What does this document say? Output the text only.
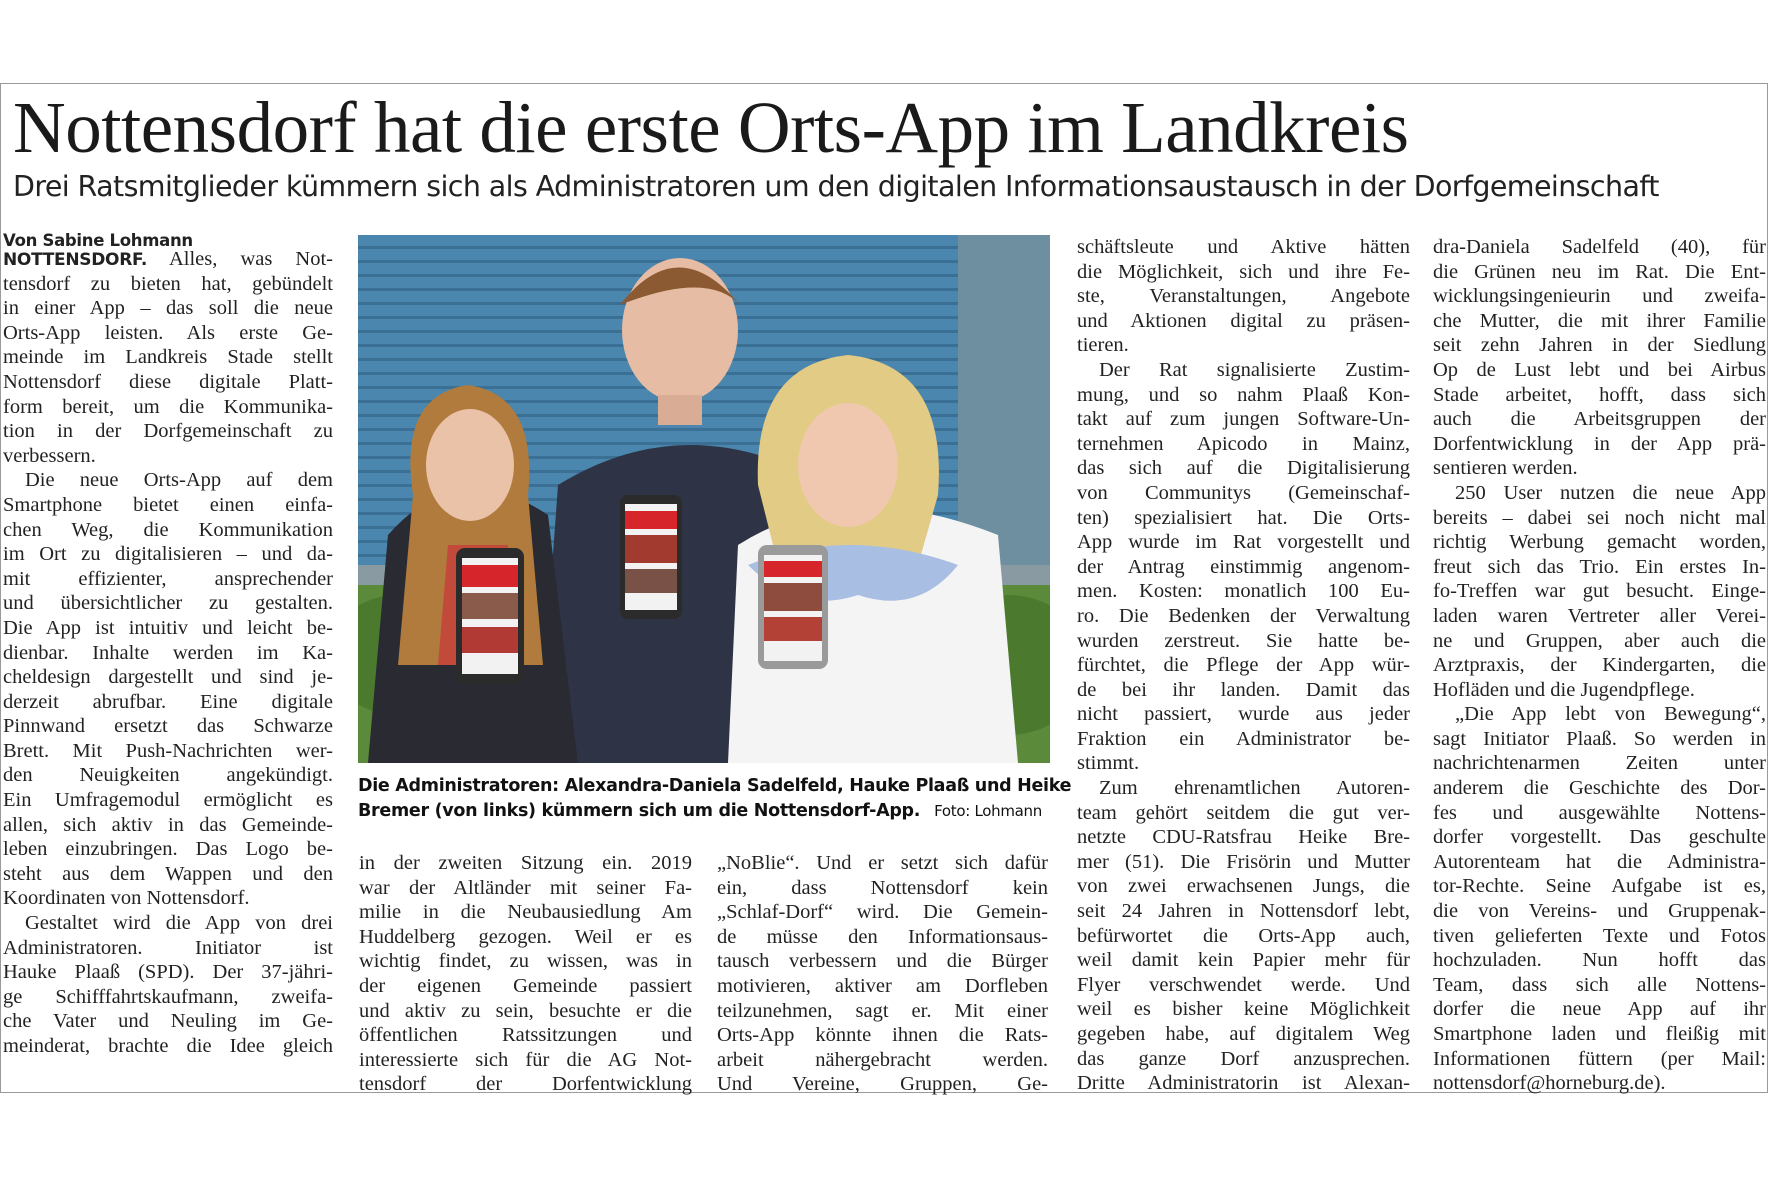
Nottensdorf hat die erste Orts-App im Landkreis
Drei Ratsmitglieder kümmern sich als Administratoren um den digitalen Informationsaustausch in der Dorfgemeinschaft
Von Sabine Lohmann
NOTTENSDORF. Alles, was Not-
tensdorf zu bieten hat, gebündelt
in einer App – das soll die neue
Orts-App leisten. Als erste Ge-
meinde im Landkreis Stade stellt
Nottensdorf diese digitale Platt-
form bereit, um die Kommunika-
tion in der Dorfgemeinschaft zu
verbessern.
Die neue Orts-App auf dem
Smartphone bietet einen einfa-
chen Weg, die Kommunikation
im Ort zu digitalisieren – und da-
mit effizienter, ansprechender
und übersichtlicher zu gestalten.
Die App ist intuitiv und leicht be-
dienbar. Inhalte werden im Ka-
cheldesign dargestellt und sind je-
derzeit abrufbar. Eine digitale
Pinnwand ersetzt das Schwarze
Brett. Mit Push-Nachrichten wer-
den Neuigkeiten angekündigt.
Ein Umfragemodul ermöglicht es
allen, sich aktiv in das Gemeinde-
leben einzubringen. Das Logo be-
steht aus dem Wappen und den
Koordinaten von Nottensdorf.
Gestaltet wird die App von drei
Administratoren. Initiator ist
Hauke Plaaß (SPD). Der 37-jähri-
ge Schifffahrtskaufmann, zweifa-
che Vater und Neuling im Ge-
meinderat, brachte die Idee gleich
Die Administratoren: Alexandra-Daniela Sadelfeld, Hauke Plaaß und Heike
Bremer (von links) kümmern sich um die Nottensdorf-App. Foto: Lohmann
in der zweiten Sitzung ein. 2019
war der Altländer mit seiner Fa-
milie in die Neubausiedlung Am
Huddelberg gezogen. Weil er es
wichtig findet, zu wissen, was in
der eigenen Gemeinde passiert
und aktiv zu sein, besuchte er die
öffentlichen Ratssitzungen und
interessierte sich für die AG Not-
tensdorf der Dorfentwicklung
„NoBlie“. Und er setzt sich dafür
ein, dass Nottensdorf kein
„Schlaf-Dorf“ wird. Die Gemein-
de müsse den Informationsaus-
tausch verbessern und die Bürger
motivieren, aktiver am Dorfleben
teilzunehmen, sagt er. Mit einer
Orts-App könnte ihnen die Rats-
arbeit nähergebracht werden.
Und Vereine, Gruppen, Ge-
schäftsleute und Aktive hätten
die Möglichkeit, sich und ihre Fe-
ste, Veranstaltungen, Angebote
und Aktionen digital zu präsen-
tieren.
Der Rat signalisierte Zustim-
mung, und so nahm Plaaß Kon-
takt auf zum jungen Software-Un-
ternehmen Apicodo in Mainz,
das sich auf die Digitalisierung
von Communitys (Gemeinschaf-
ten) spezialisiert hat. Die Orts-
App wurde im Rat vorgestellt und
der Antrag einstimmig angenom-
men. Kosten: monatlich 100 Eu-
ro. Die Bedenken der Verwaltung
wurden zerstreut. Sie hatte be-
fürchtet, die Pflege der App wür-
de bei ihr landen. Damit das
nicht passiert, wurde aus jeder
Fraktion ein Administrator be-
stimmt.
Zum ehrenamtlichen Autoren-
team gehört seitdem die gut ver-
netzte CDU-Ratsfrau Heike Bre-
mer (51). Die Frisörin und Mutter
von zwei erwachsenen Jungs, die
seit 24 Jahren in Nottensdorf lebt,
befürwortet die Orts-App auch,
weil damit kein Papier mehr für
Flyer verschwendet werde. Und
weil es bisher keine Möglichkeit
gegeben habe, auf digitalem Weg
das ganze Dorf anzusprechen.
Dritte Administratorin ist Alexan-
dra-Daniela Sadelfeld (40), für
die Grünen neu im Rat. Die Ent-
wicklungsingenieurin und zweifa-
che Mutter, die mit ihrer Familie
seit zehn Jahren in der Siedlung
Op de Lust lebt und bei Airbus
Stade arbeitet, hofft, dass sich
auch die Arbeitsgruppen der
Dorfentwicklung in der App prä-
sentieren werden.
250 User nutzen die neue App
bereits – dabei sei noch nicht mal
richtig Werbung gemacht worden,
freut sich das Trio. Ein erstes In-
fo-Treffen war gut besucht. Einge-
laden waren Vertreter aller Verei-
ne und Gruppen, aber auch die
Arztpraxis, der Kindergarten, die
Hofläden und die Jugendpflege.
„Die App lebt von Bewegung“,
sagt Initiator Plaaß. So werden in
nachrichtenarmen Zeiten unter
anderem die Geschichte des Dor-
fes und ausgewählte Nottens-
dorfer vorgestellt. Das geschulte
Autorenteam hat die Administra-
tor-Rechte. Seine Aufgabe ist es,
die von Vereins- und Gruppenak-
tiven gelieferten Texte und Fotos
hochzuladen. Nun hofft das
Team, dass sich alle Nottens-
dorfer die neue App auf ihr
Smartphone laden und fleißig mit
Informationen füttern (per Mail:
nottensdorf@horneburg.de).
